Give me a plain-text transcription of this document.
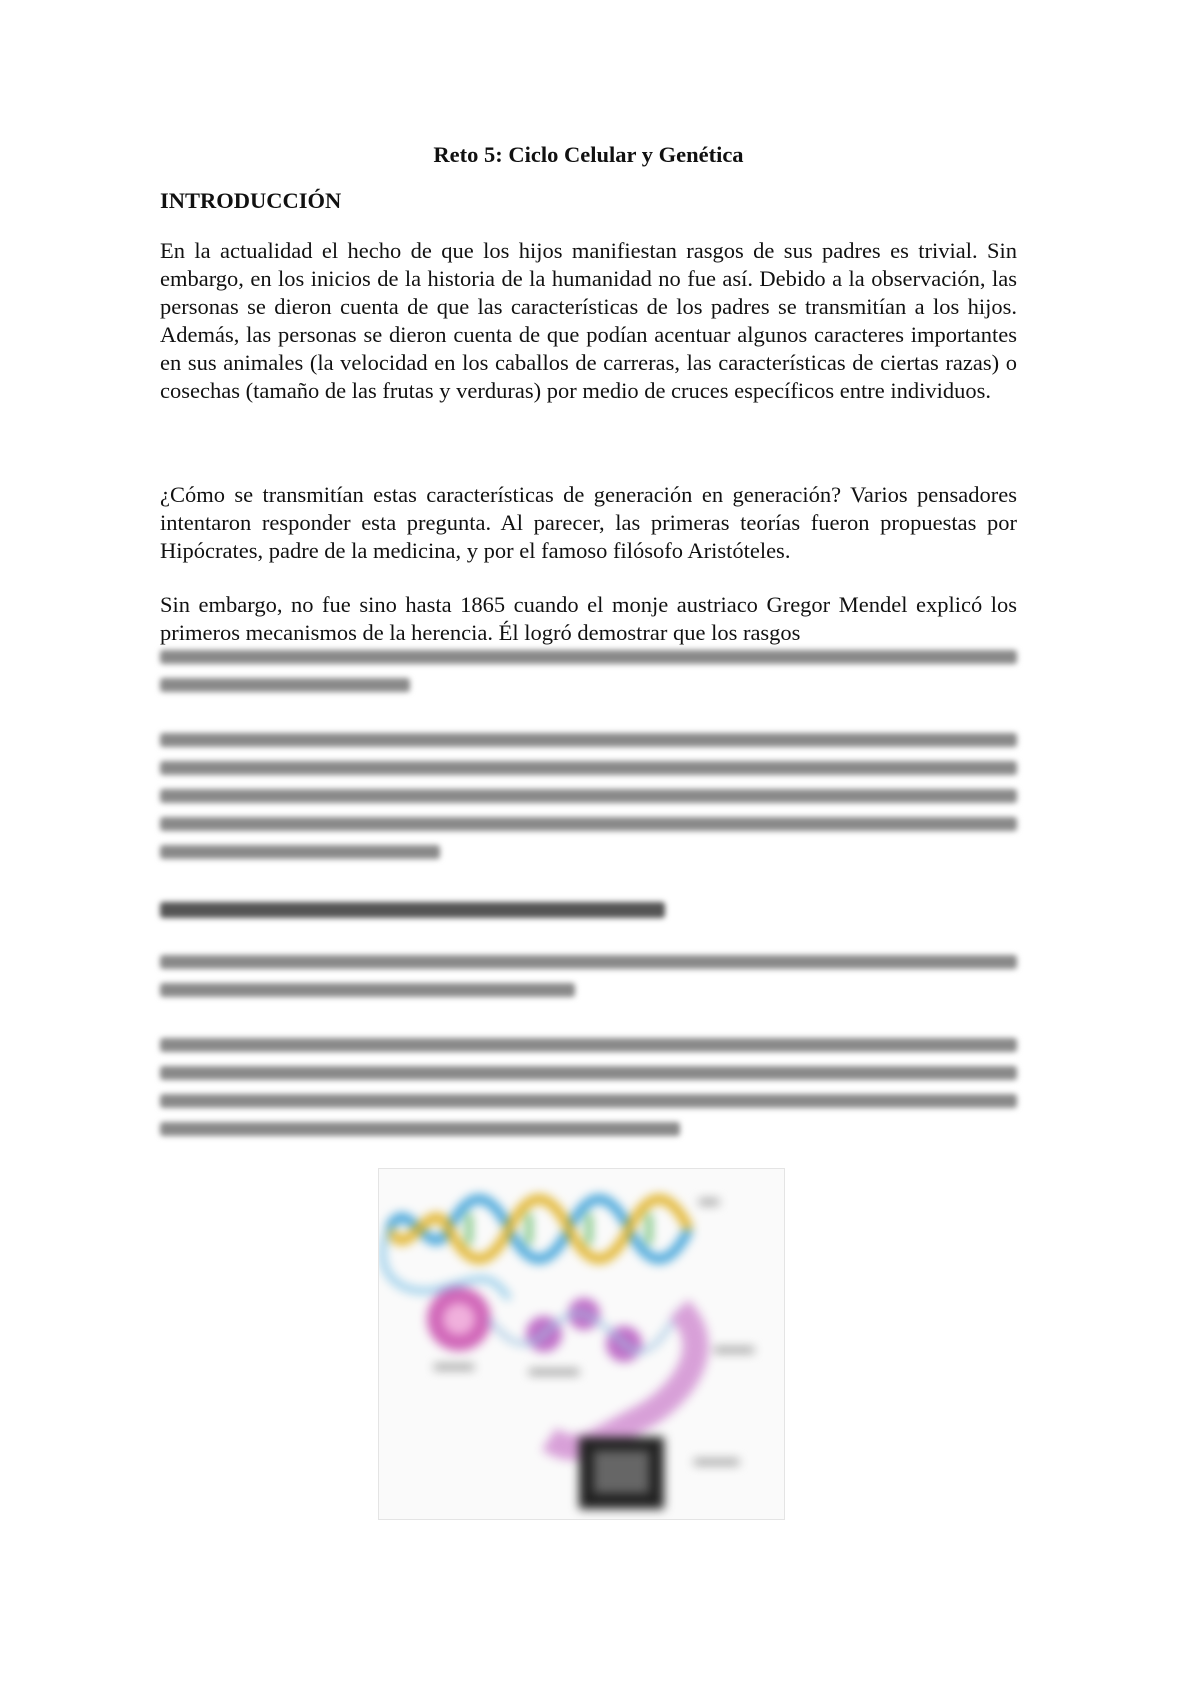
Reto 5: Ciclo Celular y Genética
INTRODUCCIÓN

En la actualidad el hecho de que los hijos manifiestan rasgos de sus padres es trivial. Sin embargo, en los inicios de la historia de la humanidad no fue así. Debido a la observación, las personas se dieron cuenta de que las características de los padres se transmitían a los hijos. Además, las personas se dieron cuenta de que podían acentuar algunos caracteres importantes en sus animales (la velocidad en los caballos de carreras, las características de ciertas razas) o cosechas (tamaño de las frutas y verduras) por medio de cruces específicos entre individuos.

¿Cómo se transmitían estas características de generación en generación? Varios pensadores intentaron responder esta pregunta. Al parecer, las primeras teorías fueron propuestas por Hipócrates, padre de la medicina, y por el famoso filósofo Aristóteles.

Sin embargo, no fue sino hasta 1865 cuando el monje austriaco Gregor Mendel explicó los primeros mecanismos de la herencia. Él logró demostrar que los rasgos
